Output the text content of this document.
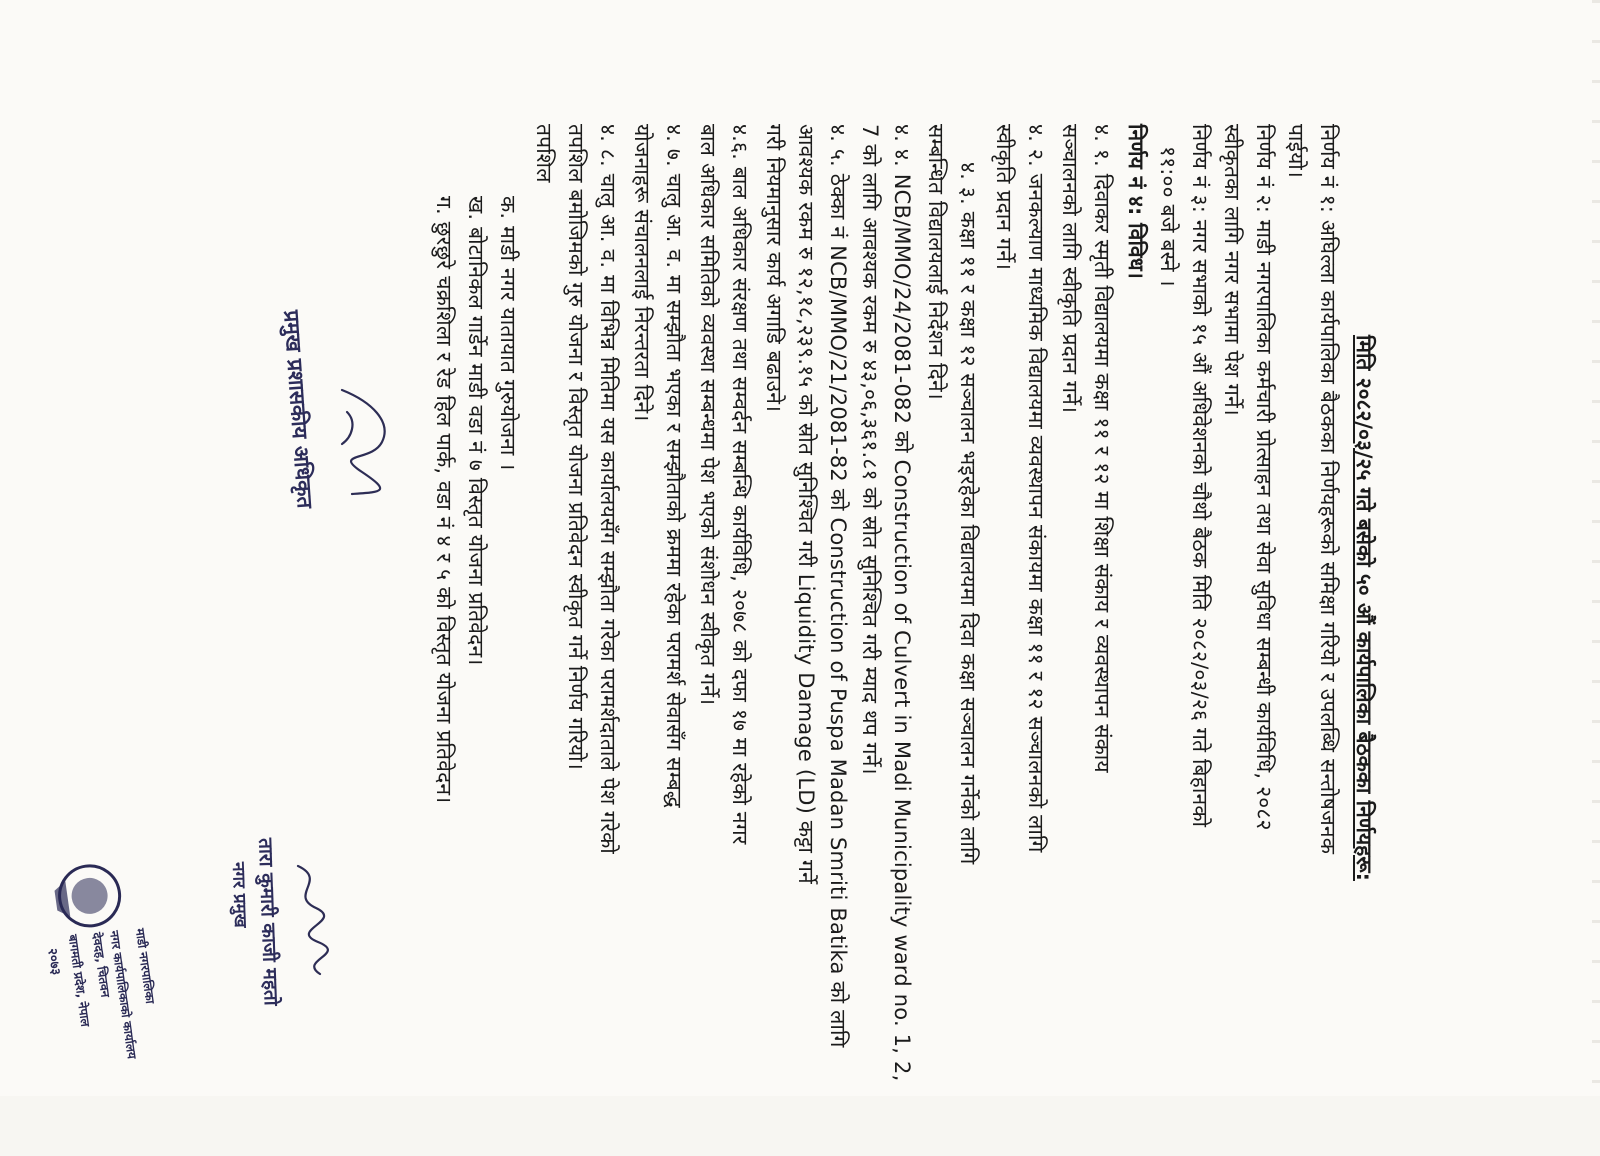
मिति २०८२/०३/२५ गते बसेको ५० औं कार्यपालिका बैठकका निर्णयहरू:
निर्णय नं १: अघिल्ला कार्यपालिका बैठकका निर्णयहरूको समिक्षा गरियो र उपलब्धि सन्तोषजनक
पाईयो।
निर्णय नं २: माडी नगरपालिका कर्मचारी प्रोत्साहन तथा सेवा सुविधा सम्बन्धी कार्यविधि, २०८२
स्वीकृतका लागि नगर सभामा पेश गर्ने।
निर्णय नं ३: नगर सभाको १५ औं अधिवेशनको चौथो बैठक मिति २०८२/०३/२६ गते बिहानको
११:०० बजे बस्ने ।
निर्णय नं ४: विविध।
४. १. दिवाकर स्मृती विद्यालयमा कक्षा ११ र १२ मा शिक्षा संकाय र व्यवस्थापन संकाय
सञ्चालनको लागि स्वीकृति प्रदान गर्ने।
४. २. जनकल्याण माध्यमिक विद्यालयमा व्यवस्थापन संकायमा कक्षा ११ र १२ सञ्चालनको लागि
स्वीकृति प्रदान गर्ने।
४. ३. कक्षा ११ र कक्षा १२ सञ्चालन भइरहेका विद्यालयमा दिवा कक्षा सञ्चालन गर्नेको लागि
सम्बन्धित विद्यालयलाई निर्देशन दिने।
४. ४. NCB/MMO/24/2081-082 को Construction of Culvert in Madi Municipality ward no. 1, 2,
7 को लागि आवश्यक रकम रु ४३,०६,३६१.८१ को स्रोत सुनिश्चित गरी म्याद थप गर्ने।
४. ५. ठेक्का नं NCB/MMO/21/2081-82 को Construction of Puspa Madan Smriti Batika को लागि
आवश्यक रकम रु १२,१८,२३९.१५ को स्रोत सुनिश्चित गरी Liquidity Damage (LD) कट्टा गर्ने
गरी नियमानुसार कार्य अगाडि बढाउने।
४.६. बाल अधिकार संरक्षण तथा सम्वर्दन सम्बन्धि कार्यविधि, २०७८ को दफा १७ मा रहेको नगर
बाल अधिकार समितिको व्यवस्था सम्बन्धमा पेश भएको संशोधन स्वीकृत गर्ने।
४. ७. चालु आ. व. मा सम्झौता भएका र सम्झौताको क्रममा रहेका परामर्श सेवासँग सम्बद्ध
योजनाहरू संचालनलाई निरन्तरता दिने।
४. ८. चालु आ. व. मा विभिन्न मितिमा यस कार्यालयसँग सम्झौता गरेका परामर्शदाताले पेश गरेको
तपशिल बमोजिमको गुरु योजना र विस्तृत योजना प्रतिवेदन स्वीकृत गर्ने निर्णय गरियो।
तपशिल
क. माडी नगर यातायात गुरुयोजना ।
ख. बोटानिकल गार्डेन माडी वडा नं ७ विस्तृत योजना प्रतिवेदन।
ग. छुरछुरे चक्रशिला र रेड हिल पार्क, वडा नं ४ र ५ को विस्तृत योजना प्रतिवेदन।
प्रमुख प्रशासकीय अधिकृत
तारा कुमारी काजी महतो
नगर प्रमुख
माडी नगरपालिका
नगर कार्यपालिकाको कार्यालय
देवदह, चितवन
बागमती प्रदेश, नेपाल
२०७३
